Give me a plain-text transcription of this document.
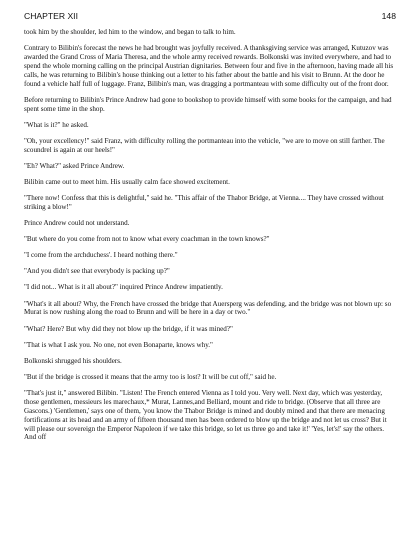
CHAPTER XII	148

took him by the shoulder, led him to the window, and began to talk to him.

Contrary to Bilibin's forecast the news he had brought was joyfully received. A thanksgiving service was arranged, Kutuzov was awarded the Grand Cross of Maria Theresa, and the whole army received rewards. Bolkonski was invited everywhere, and had to spend the whole morning calling on the principal Austrian dignitaries. Between four and five in the afternoon, having made all his calls, he was returning to Bilibin's house thinking out a letter to his father about the battle and his visit to Brunn. At the door he found a vehicle half full of luggage. Franz, Bilibin's man, was dragging a portmanteau with some difficulty out of the front door.

Before returning to Bilibin's Prince Andrew had gone to bookshop to provide himself with some books for the campaign, and had spent some time in the shop.

"What is it?" he asked.

"Oh, your excellency!" said Franz, with difficulty rolling the portmanteau into the vehicle, "we are to move on still farther. The scoundrel is again at our heels!"

"Eh? What?" asked Prince Andrew.

Bilibin came out to meet him. His usually calm face showed excitement.

"There now! Confess that this is delightful," said he. "This affair of the Thabor Bridge, at Vienna.... They have crossed without striking a blow!"

Prince Andrew could not understand.

"But where do you come from not to know what every coachman in the town knows?"

"I come from the archduchess'. I heard nothing there."

"And you didn't see that everybody is packing up?"

"I did not... What is it all about?" inquired Prince Andrew impatiently.

"What's it all about? Why, the French have crossed the bridge that Auersperg was defending, and the bridge was not blown up: so Murat is now rushing along the road to Brunn and will be here in a day or two."

"What? Here? But why did they not blow up the bridge, if it was mined?"

"That is what I ask you. No one, not even Bonaparte, knows why."

Bolkonski shrugged his shoulders.

"But if the bridge is crossed it means that the army too is lost? It will be cut off," said he.

"That's just it," answered Bilibin. "Listen! The French entered Vienna as I told you. Very well. Next day, which was yesterday, those gentlemen, messieurs les marechaux,* Murat, Lannes,and Belliard, mount and ride to bridge. (Observe that all three are Gascons.) 'Gentlemen,' says one of them, 'you know the Thabor Bridge is mined and doubly mined and that there are menacing fortifications at its head and an army of fifteen thousand men has been ordered to blow up the bridge and not let us cross? But it will please our sovereign the Emperor Napoleon if we take this bridge, so let us three go and take it!' 'Yes, let's!' say the others. And off
